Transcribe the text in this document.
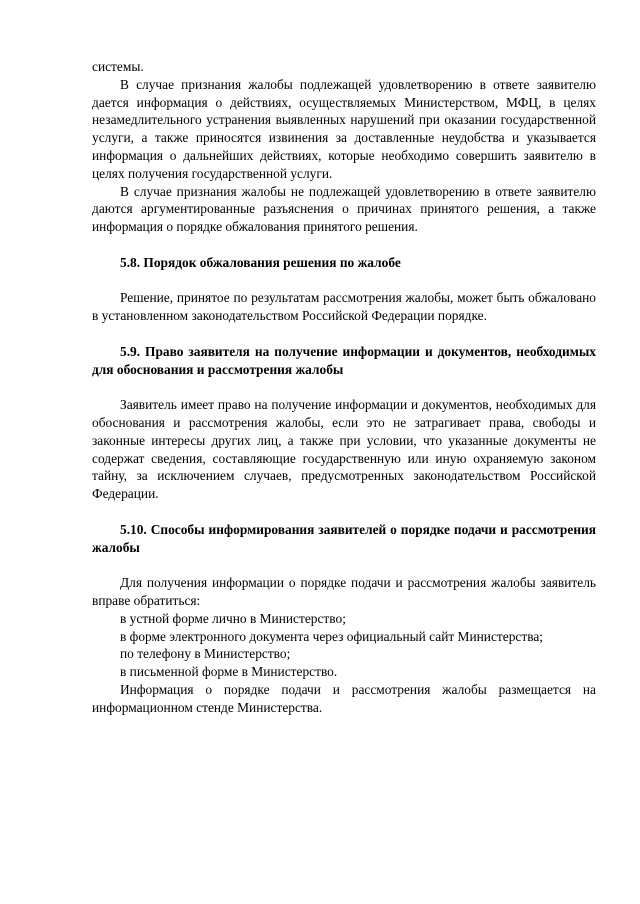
системы.

В случае признания жалобы подлежащей удовлетворению в ответе заявителю дается информация о действиях, осуществляемых Министерством, МФЦ, в целях незамедлительного устранения выявленных нарушений при оказании государственной услуги, а также приносятся извинения за доставленные неудобства и указывается информация о дальнейших действиях, которые необходимо совершить заявителю в целях получения государственной услуги.

В случае признания жалобы не подлежащей удовлетворению в ответе заявителю даются аргументированные разъяснения о причинах принятого решения, а также информация о порядке обжалования принятого решения.

5.8. Порядок обжалования решения по жалобе

Решение, принятое по результатам рассмотрения жалобы, может быть обжаловано в установленном законодательством Российской Федерации порядке.

5.9. Право заявителя на получение информации и документов, необходимых для обоснования и рассмотрения жалобы

Заявитель имеет право на получение информации и документов, необходимых для обоснования и рассмотрения жалобы, если это не затрагивает права, свободы и законные интересы других лиц, а также при условии, что указанные документы не содержат сведения, составляющие государственную или иную охраняемую законом тайну, за исключением случаев, предусмотренных законодательством Российской Федерации.

5.10. Способы информирования заявителей о порядке подачи и рассмотрения жалобы

Для получения информации о порядке подачи и рассмотрения жалобы заявитель вправе обратиться:

в устной форме лично в Министерство;

в форме электронного документа через официальный сайт Министерства;

по телефону в Министерство;

в письменной форме в Министерство.

Информация о порядке подачи и рассмотрения жалобы размещается на информационном стенде Министерства.
